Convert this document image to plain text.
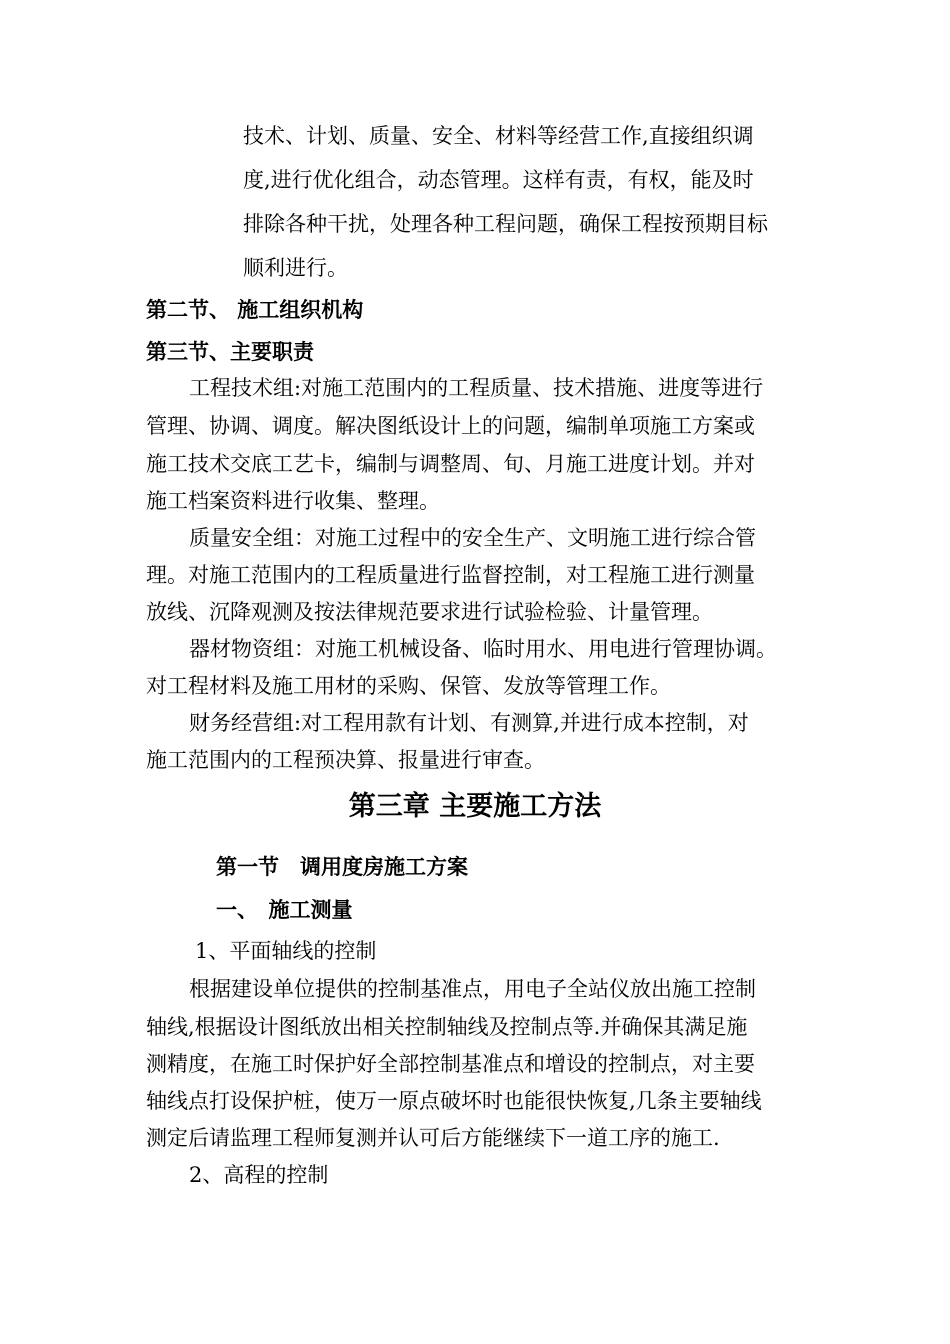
技术、计划、质量、安全、材料等经营工作,直接组织调
度,进行优化组合，动态管理。这样有责，有权，能及时
排除各种干扰，处理各种工程问题，确保工程按预期目标
顺利进行。
第二节、 施工组织机构
第三节、主要职责
工程技术组:对施工范围内的工程质量、技术措施、进度等进行
管理、协调、调度。解决图纸设计上的问题，编制单项施工方案或
施工技术交底工艺卡，编制与调整周、旬、月施工进度计划。并对
施工档案资料进行收集、整理。
质量安全组：对施工过程中的安全生产、文明施工进行综合管
理。对施工范围内的工程质量进行监督控制，对工程施工进行测量
放线、沉降观测及按法律规范要求进行试验检验、计量管理。
器材物资组：对施工机械设备、临时用水、用电进行管理协调。
对工程材料及施工用材的采购、保管、发放等管理工作。
财务经营组:对工程用款有计划、有测算,并进行成本控制，对
施工范围内的工程预决算、报量进行审查。
第三章 主要施工方法
第一节　调用度房施工方案
一、　施工测量
1、平面轴线的控制
根据建设单位提供的控制基准点，用电子全站仪放出施工控制
轴线,根据设计图纸放出相关控制轴线及控制点等.并确保其满足施
测精度，在施工时保护好全部控制基准点和增设的控制点，对主要
轴线点打设保护桩，使万一原点破坏时也能很快恢复,几条主要轴线
测定后请监理工程师复测并认可后方能继续下一道工序的施工.
2、高程的控制
